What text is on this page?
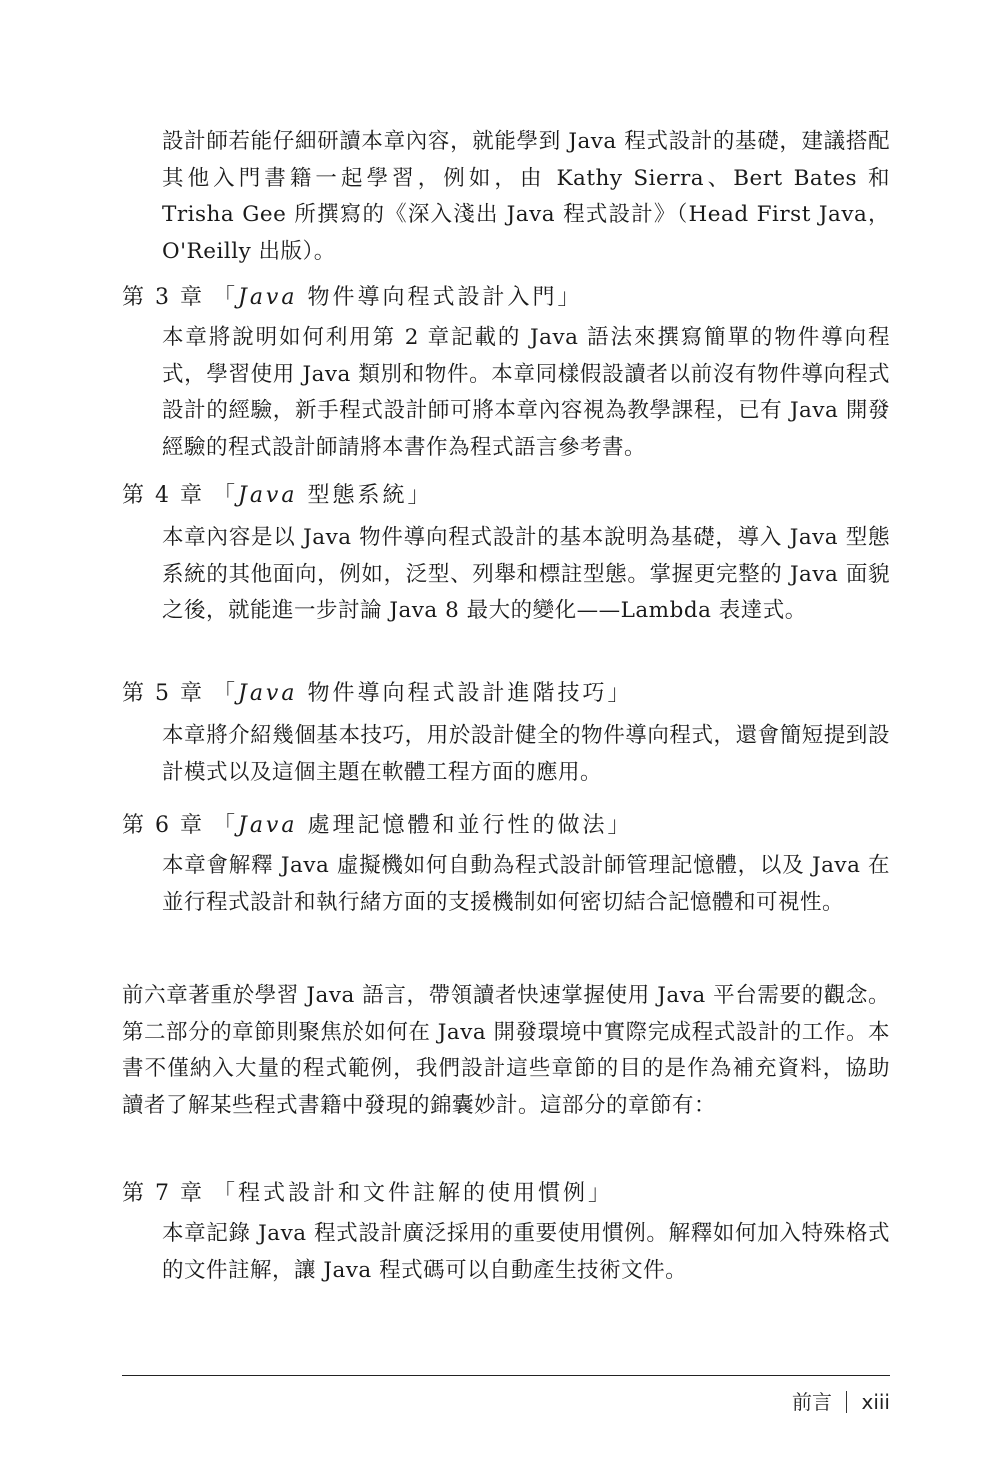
設計師若能仔細研讀本章內容，就能學到 Java 程式設計的基礎，建議搭配其他入門書籍一起學習，例如，由 Kathy Sierra、Bert Bates 和 Trisha Gee 所撰寫的《深入淺出 Java 程式設計》（Head First Java，O'Reilly 出版）。

第 3 章 「Java 物件導向程式設計入門」

本章將說明如何利用第 2 章記載的 Java 語法來撰寫簡單的物件導向程式，學習使用 Java 類別和物件。本章同樣假設讀者以前沒有物件導向程式設計的經驗，新手程式設計師可將本章內容視為教學課程，已有 Java 開發經驗的程式設計師請將本書作為程式語言參考書。

第 4 章 「Java 型態系統」

本章內容是以 Java 物件導向程式設計的基本說明為基礎，導入 Java 型態系統的其他面向，例如，泛型、列舉和標註型態。掌握更完整的 Java 面貌之後，就能進一步討論 Java 8 最大的變化——Lambda 表達式。

第 5 章 「Java 物件導向程式設計進階技巧」

本章將介紹幾個基本技巧，用於設計健全的物件導向程式，還會簡短提到設計模式以及這個主題在軟體工程方面的應用。

第 6 章 「Java 處理記憶體和並行性的做法」

本章會解釋 Java 虛擬機如何自動為程式設計師管理記憶體，以及 Java 在並行程式設計和執行緒方面的支援機制如何密切結合記憶體和可視性。

前六章著重於學習 Java 語言，帶領讀者快速掌握使用 Java 平台需要的觀念。第二部分的章節則聚焦於如何在 Java 開發環境中實際完成程式設計的工作。本書不僅納入大量的程式範例，我們設計這些章節的目的是作為補充資料，協助讀者了解某些程式書籍中發現的錦囊妙計。這部分的章節有：

第 7 章 「程式設計和文件註解的使用慣例」

本章記錄 Java 程式設計廣泛採用的重要使用慣例。解釋如何加入特殊格式的文件註解，讓 Java 程式碼可以自動產生技術文件。

前言 xiii
